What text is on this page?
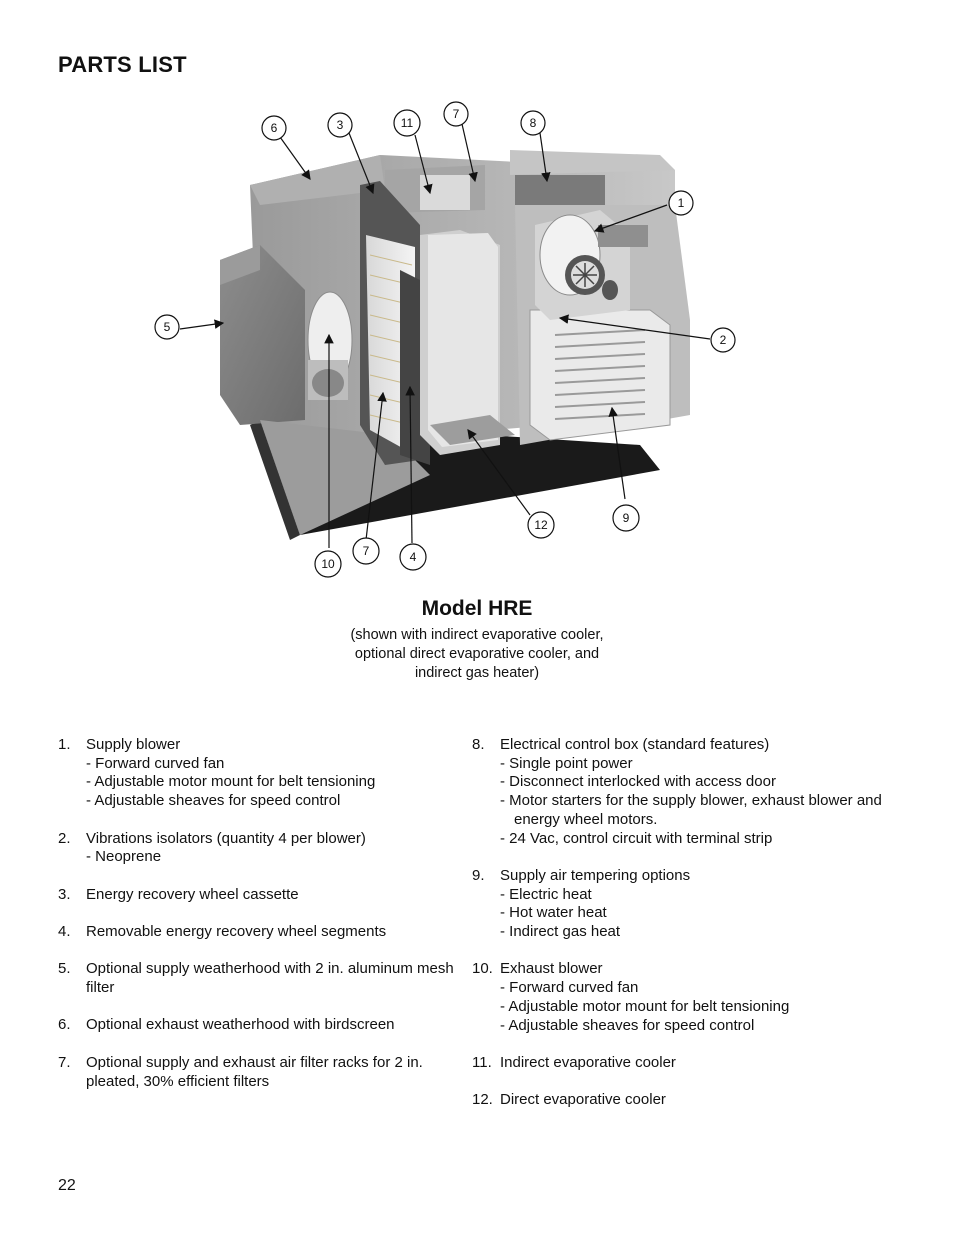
PARTS LIST
6	3	11
7
8
1
5
2
9
12
10
7	4
Model HRE
(shown with indirect evaporative cooler,
optional direct evaporative cooler, and
indirect gas heater)
1. Supply blower
- Forward curved fan
- Adjustable motor mount for belt tensioning
- Adjustable sheaves for speed control
2. Vibrations isolators (quantity 4 per blower)
- Neoprene
3. Energy recovery wheel cassette
4. Removable energy recovery wheel segments
5. Optional supply weatherhood with 2 in. aluminum mesh filter
6. Optional exhaust weatherhood with birdscreen
7. Optional supply and exhaust air filter racks for 2 in. pleated, 30% efficient filters
8. Electrical control box (standard features)
- Single point power
- Disconnect interlocked with access door
- Motor starters for the supply blower, exhaust blower and energy wheel motors.
- 24 Vac, control circuit with terminal strip
9. Supply air tempering options
- Electric heat
- Hot water heat
- Indirect gas heat
10. Exhaust blower
- Forward curved fan
- Adjustable motor mount for belt tensioning
- Adjustable sheaves for speed control
11. Indirect evaporative cooler
12. Direct evaporative cooler
22
